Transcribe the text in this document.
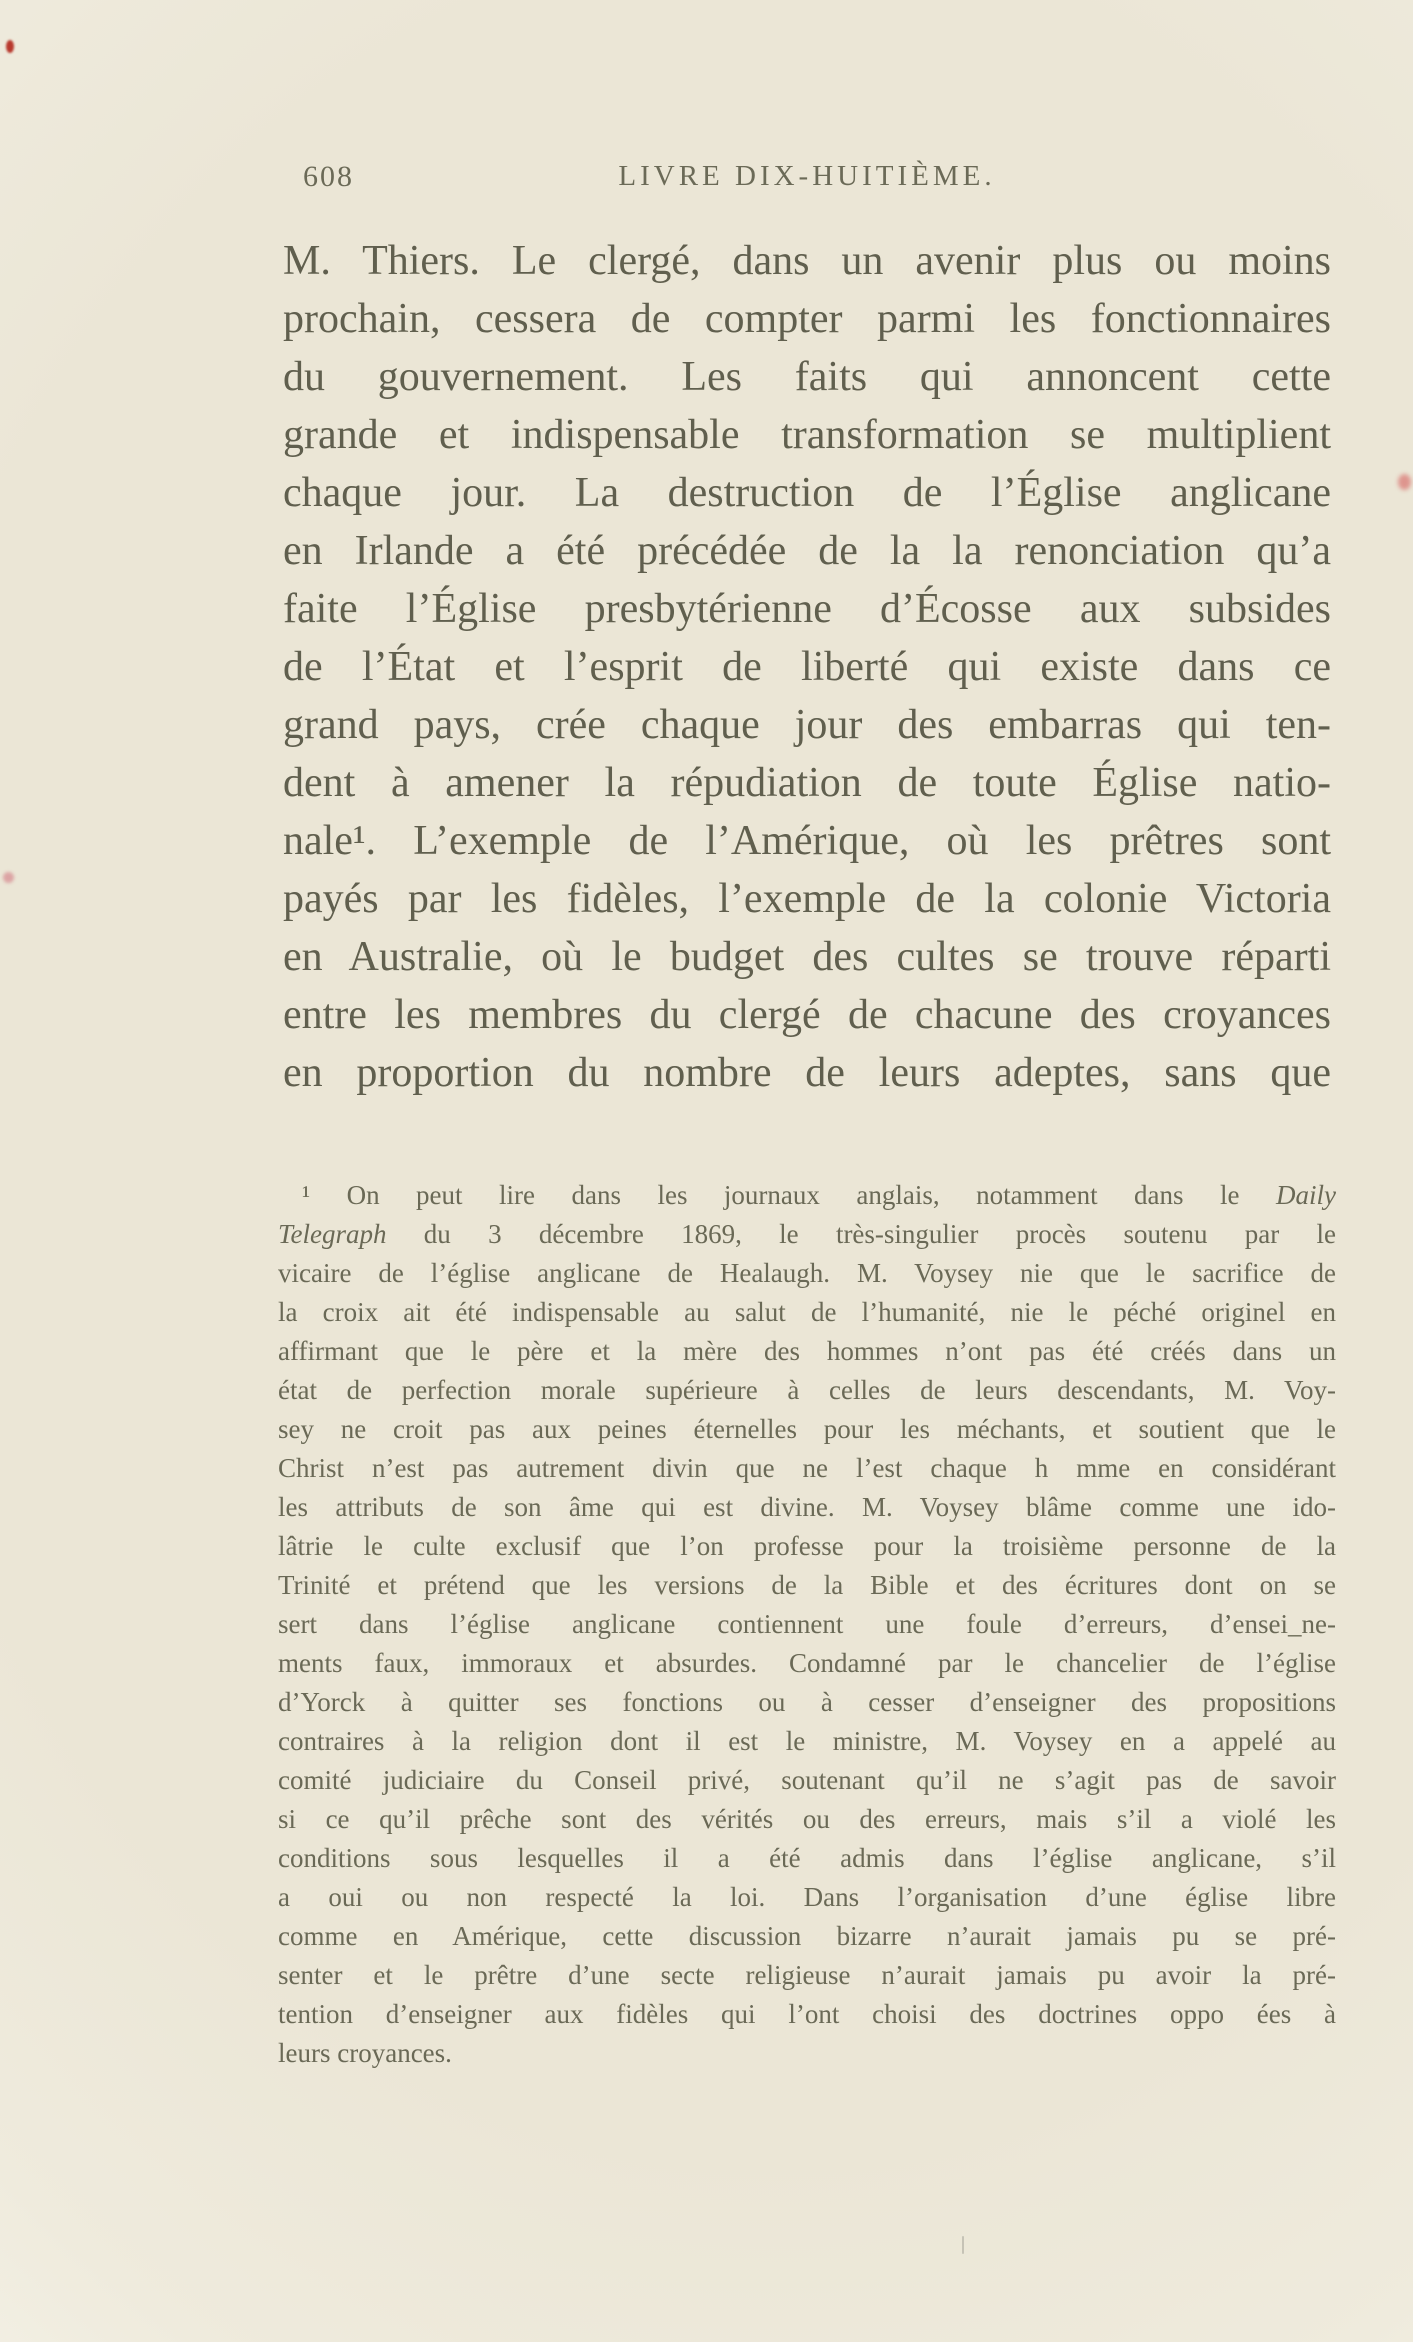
608	LIVRE DIX-HUITIÈME.
M. Thiers. Le clergé, dans un avenir plus ou moins
prochain, cessera de compter parmi les fonctionnaires
du gouvernement. Les faits qui annoncent cette
grande et indispensable transformation se multiplient
chaque jour. La destruction de l’Église anglicane
en Irlande a été précédée de la la renonciation qu’a
faite l’Église presbytérienne d’Écosse aux subsides
de l’État et l’esprit de liberté qui existe dans ce
grand pays, crée chaque jour des embarras qui ten-
dent à amener la répudiation de toute Église natio-
nale¹. L’exemple de l’Amérique, où les prêtres sont
payés par les fidèles, l’exemple de la colonie Victoria
en Australie, où le budget des cultes se trouve réparti
entre les membres du clergé de chacune des croyances
en proportion du nombre de leurs adeptes, sans que
¹ On peut lire dans les journaux anglais, notamment dans le Daily
Telegraph du 3 décembre 1869, le très-singulier procès soutenu par le
vicaire de l’église anglicane de Healaugh. M. Voysey nie que le sacrifice de
la croix ait été indispensable au salut de l’humanité, nie le péché originel en
affirmant que le père et la mère des hommes n’ont pas été créés dans un
état de perfection morale supérieure à celles de leurs descendants, M. Voy-
sey ne croit pas aux peines éternelles pour les méchants, et soutient que le
Christ n’est pas autrement divin que ne l’est chaque h mme en considérant
les attributs de son âme qui est divine. M. Voysey blâme comme une ido-
lâtrie le culte exclusif que l’on professe pour la troisième personne de la
Trinité et prétend que les versions de la Bible et des écritures dont on se
sert dans l’église anglicane contiennent une foule d’erreurs, d’ensei_ne-
ments faux, immoraux et absurdes. Condamné par le chancelier de l’église
d’Yorck à quitter ses fonctions ou à cesser d’enseigner des propositions
contraires à la religion dont il est le ministre, M. Voysey en a appelé au
comité judiciaire du Conseil privé, soutenant qu’il ne s’agit pas de savoir
si ce qu’il prêche sont des vérités ou des erreurs, mais s’il a violé les
conditions sous lesquelles il a été admis dans l’église anglicane, s’il
a oui ou non respecté la loi. Dans l’organisation d’une église libre
comme en Amérique, cette discussion bizarre n’aurait jamais pu se pré-
senter et le prêtre d’une secte religieuse n’aurait jamais pu avoir la pré-
tention d’enseigner aux fidèles qui l’ont choisi des doctrines oppo ées à
leurs croyances.
